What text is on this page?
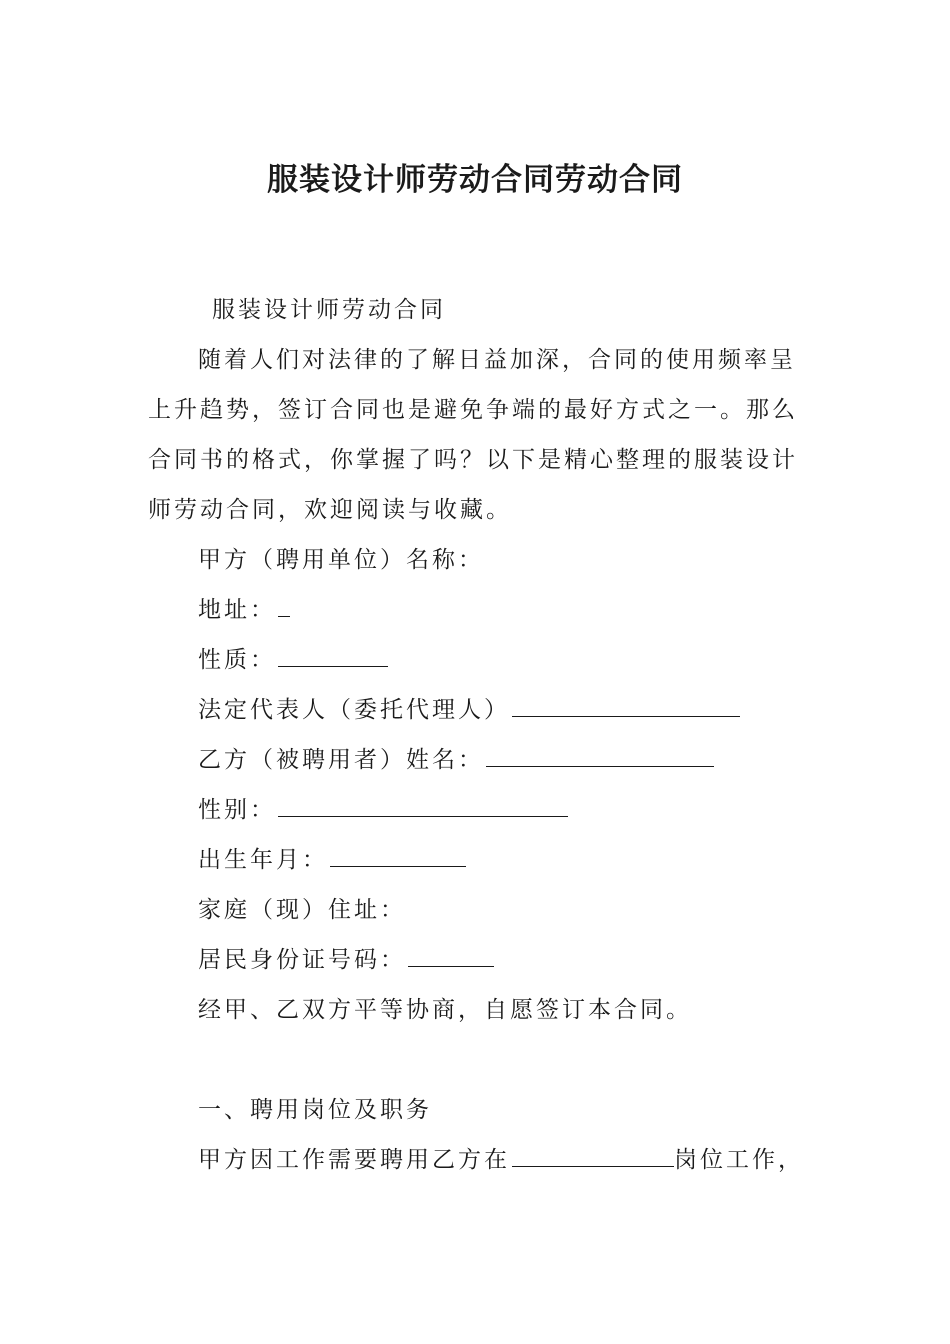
服装设计师劳动合同劳动合同
服装设计师劳动合同
随着人们对法律的了解日益加深，合同的使用频率呈
上升趋势，签订合同也是避免争端的最好方式之一。那么
合同书的格式，你掌握了吗？以下是精心整理的服装设计
师劳动合同，欢迎阅读与收藏。
甲方（聘用单位）名称：
地址：
性质：
法定代表人（委托代理人）
乙方（被聘用者）姓名：
性别：
出生年月：
家庭（现）住址：
居民身份证号码：
经甲、乙双方平等协商，自愿签订本合同。
一、聘用岗位及职务
甲方因工作需要聘用乙方在	岗位工作，
